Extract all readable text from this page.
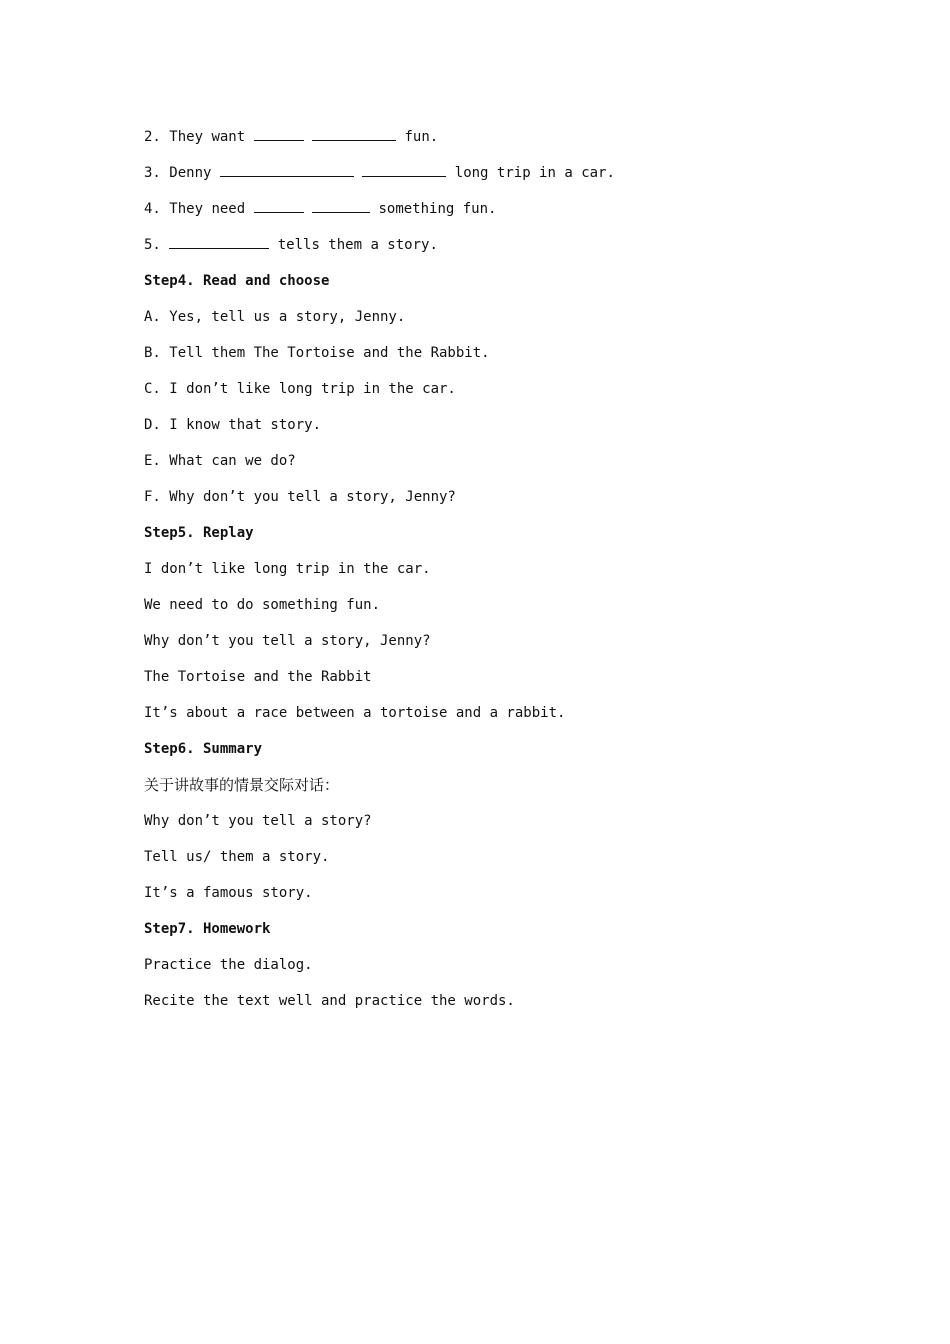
2. They want	fun.
3. Denny	long trip in a car.
4. They need	something fun.
5.	tells them a story.
Step4. Read and choose
A. Yes, tell us a story, Jenny.
B. Tell them The Tortoise and the Rabbit.
C. I don’t like long trip in the car.
D. I know that story.
E. What can we do?
F. Why don’t you tell a story, Jenny?
Step5. Replay
I don’t like long trip in the car.
We need to do something fun.
Why don’t you tell a story, Jenny?
The Tortoise and the Rabbit
It’s about a race between a tortoise and a rabbit.
Step6. Summary
关于讲故事的情景交际对话：
Why don’t you tell a story?
Tell us/ them a story.
It’s a famous story.
Step7. Homework
Practice the dialog.
Recite the text well and practice the words.
